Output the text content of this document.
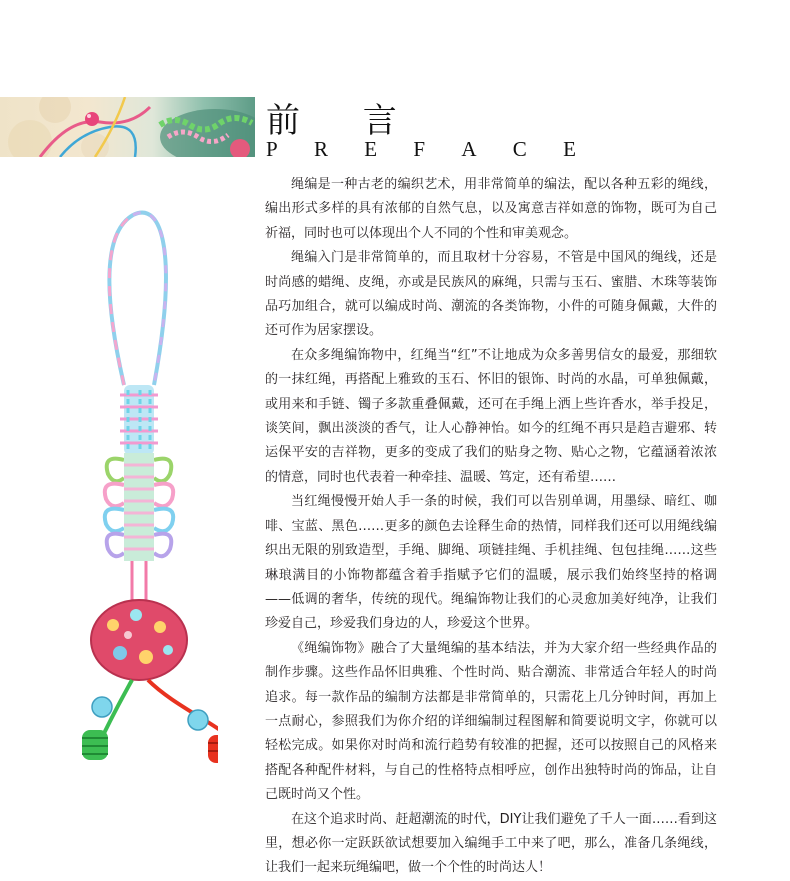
前 言
P R E F A C E

绳编是一种古老的编织艺术，用非常简单的编法，配以各种五彩的绳线，编出形式多样的具有浓郁的自然气息，以及寓意吉祥如意的饰物，既可为自己祈福，同时也可以体现出个人不同的个性和审美观念。

绳编入门是非常简单的，而且取材十分容易，不管是中国风的绳线，还是时尚感的蜡绳、皮绳，亦或是民族风的麻绳，只需与玉石、蜜腊、木珠等装饰品巧加组合，就可以编成时尚、潮流的各类饰物，小件的可随身佩戴，大件的还可作为居家摆设。

在众多绳编饰物中，红绳当“红”不让地成为众多善男信女的最爱，那细软的一抹红绳，再搭配上雅致的玉石、怀旧的银饰、时尚的水晶，可单独佩戴，或用来和手链、镯子多款重叠佩戴，还可在手绳上洒上些许香水，举手投足，谈笑间，飘出淡淡的香气，让人心静神怡。如今的红绳不再只是趋吉避邪、转运保平安的吉祥物，更多的变成了我们的贴身之物、贴心之物，它蕴涵着浓浓的情意，同时也代表着一种牵挂、温暖、笃定，还有希望……

当红绳慢慢开始人手一条的时候，我们可以告别单调，用墨绿、暗红、咖啡、宝蓝、黑色……更多的颜色去诠释生命的热情，同样我们还可以用绳线编织出无限的别致造型，手绳、脚绳、项链挂绳、手机挂绳、包包挂绳……这些琳琅满目的小饰物都蕴含着手指赋予它们的温暖，展示我们始终坚持的格调——低调的奢华，传统的现代。绳编饰物让我们的心灵愈加美好纯净，让我们珍爱自己，珍爱我们身边的人，珍爱这个世界。

《绳编饰物》融合了大量绳编的基本结法，并为大家介绍一些经典作品的制作步骤。这些作品怀旧典雅、个性时尚、贴合潮流、非常适合年轻人的时尚追求。每一款作品的编制方法都是非常简单的，只需花上几分钟时间，再加上一点耐心，参照我们为你介绍的详细编制过程图解和简要说明文字，你就可以轻松完成。如果你对时尚和流行趋势有较准的把握，还可以按照自己的风格来搭配各种配件材料，与自己的性格特点相呼应，创作出独特时尚的饰品，让自己既时尚又个性。

在这个追求时尚、赶超潮流的时代，DIY让我们避免了千人一面……看到这里，想必你一定跃跃欲试想要加入编绳手工中来了吧，那么，准备几条绳线，让我们一起来玩绳编吧，做一个个性的时尚达人！
